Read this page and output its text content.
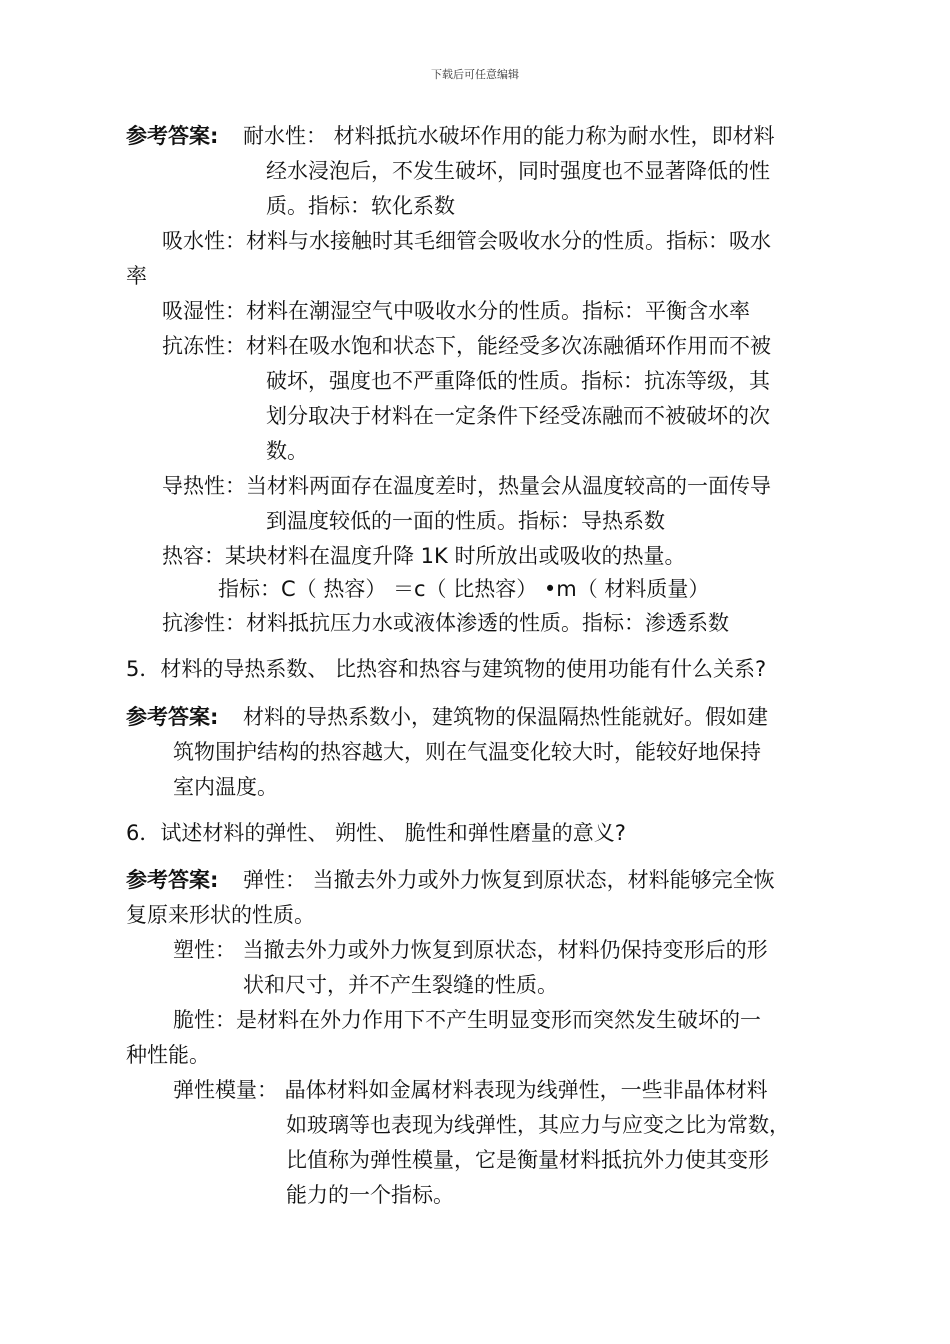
下载后可任意编辑
参考答案: 耐水性： 材料抵抗水破坏作用的能力称为耐水性，即材料
经水浸泡后，不发生破坏，同时强度也不显著降低的性
质。指标：软化系数
吸水性：材料与水接触时其毛细管会吸收水分的性质。指标：吸水
率
吸湿性：材料在潮湿空气中吸收水分的性质。指标：平衡含水率
抗冻性：材料在吸水饱和状态下，能经受多次冻融循环作用而不被
破坏，强度也不严重降低的性质。指标：抗冻等级，其
划分取决于材料在一定条件下经受冻融而不被破坏的次
数。
导热性：当材料两面存在温度差时，热量会从温度较高的一面传导
到温度较低的一面的性质。指标：导热系数
热容：某块材料在温度升降 1K 时所放出或吸收的热量。
指标：C（ 热容） ＝c（ 比热容） •m（ 材料质量）
抗渗性：材料抵抗压力水或液体渗透的性质。指标：渗透系数
5．材料的导热系数、 比热容和热容与建筑物的使用功能有什么关系?
参考答案: 材料的导热系数小，建筑物的保温隔热性能就好。假如建
筑物围护结构的热容越大，则在气温变化较大时，能较好地保持
室内温度。
6．试述材料的弹性、 朔性、 脆性和弹性磨量的意义?
参考答案: 弹性： 当撤去外力或外力恢复到原状态，材料能够完全恢
复原来形状的性质。
塑性： 当撤去外力或外力恢复到原状态，材料仍保持变形后的形
状和尺寸，并不产生裂缝的性质。
脆性：是材料在外力作用下不产生明显变形而突然发生破坏的一
种性能。
弹性模量： 晶体材料如金属材料表现为线弹性，一些非晶体材料
如玻璃等也表现为线弹性，其应力与应变之比为常数，
比值称为弹性模量，它是衡量材料抵抗外力使其变形
能力的一个指标。
